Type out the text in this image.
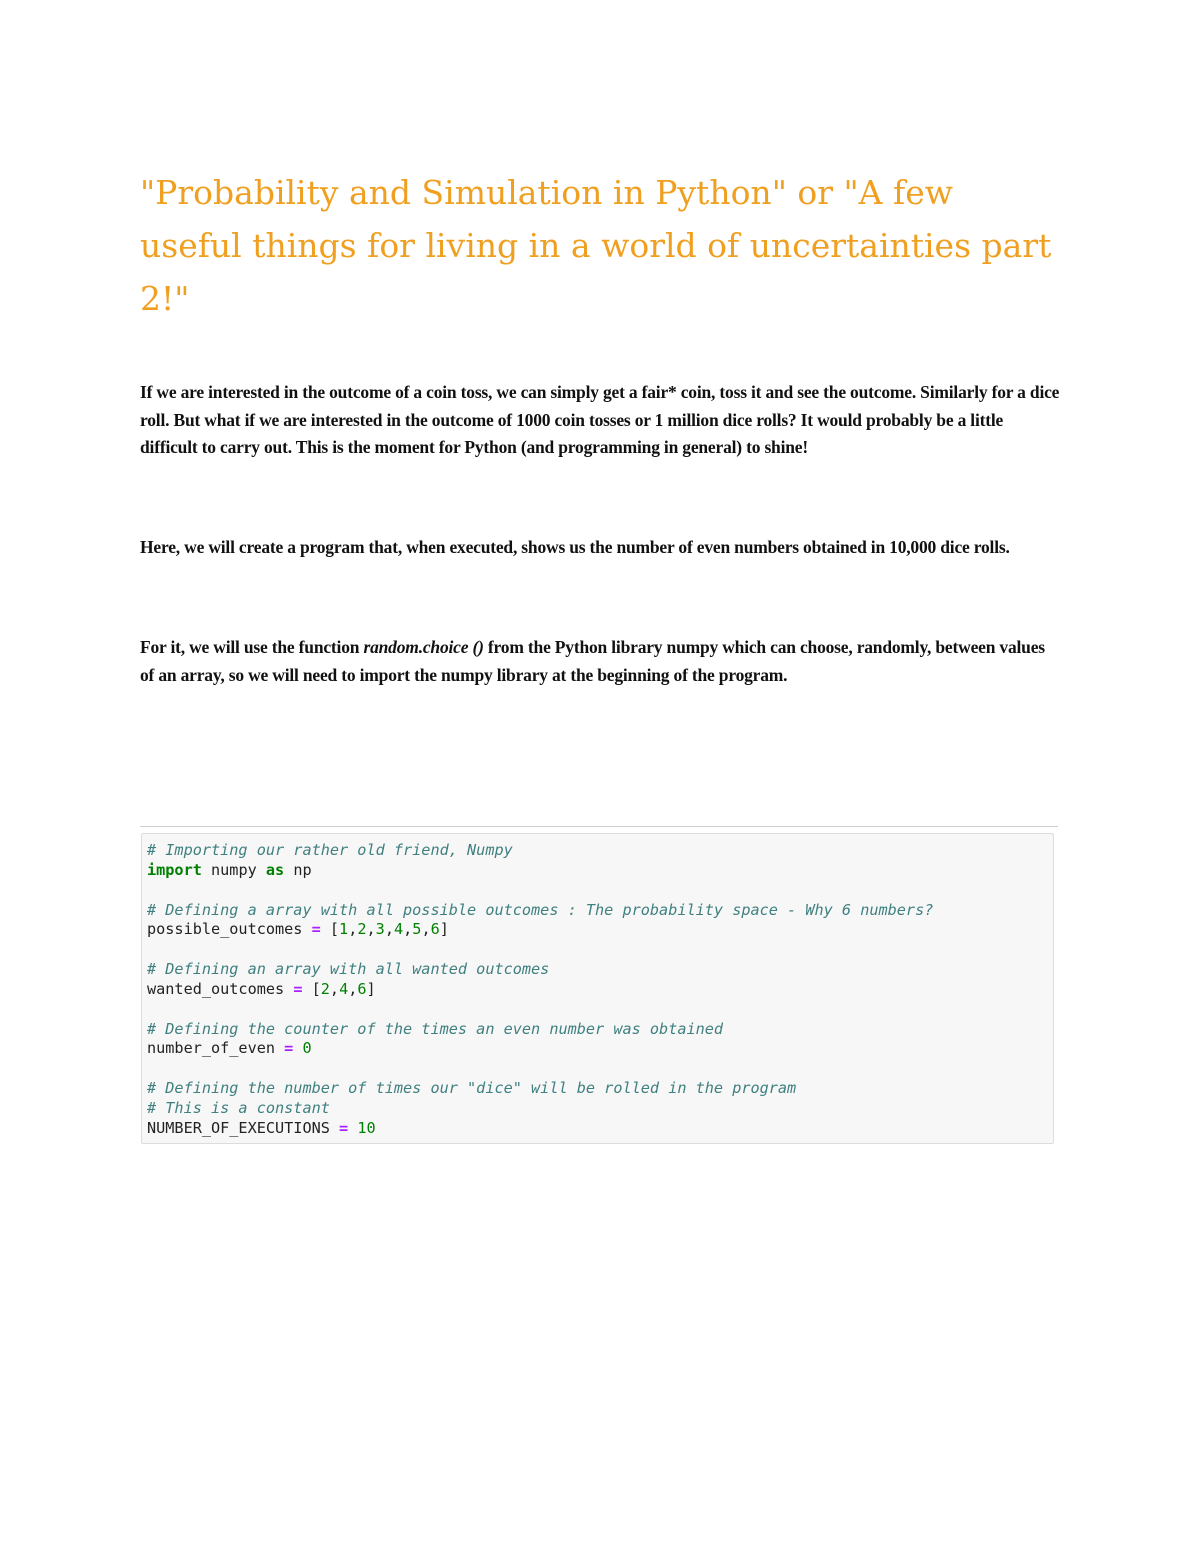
"Probability and Simulation in Python" or "A few useful things for living in a world of uncertainties part 2!"

If we are interested in the outcome of a coin toss, we can simply get a fair* coin, toss it and see the outcome. Similarly for a dice roll. But what if we are interested in the outcome of 1000 coin tosses or 1 million dice rolls? It would probably be a little difficult to carry out. This is the moment for Python (and programming in general) to shine!

Here, we will create a program that, when executed, shows us the number of even numbers obtained in 10,000 dice rolls.

For it, we will use the function random.choice () from the Python library numpy which can choose, randomly, between values of an array, so we will need to import the numpy library at the beginning of the program.

# Importing our rather old friend, Numpy
import numpy as np

# Defining a array with all possible outcomes : The probability space - Why 6 numbers?
possible_outcomes = [1,2,3,4,5,6]

# Defining an array with all wanted outcomes
wanted_outcomes = [2,4,6]

# Defining the counter of the times an even number was obtained
number_of_even = 0

# Defining the number of times our "dice" will be rolled in the program
# This is a constant
NUMBER_OF_EXECUTIONS = 10
